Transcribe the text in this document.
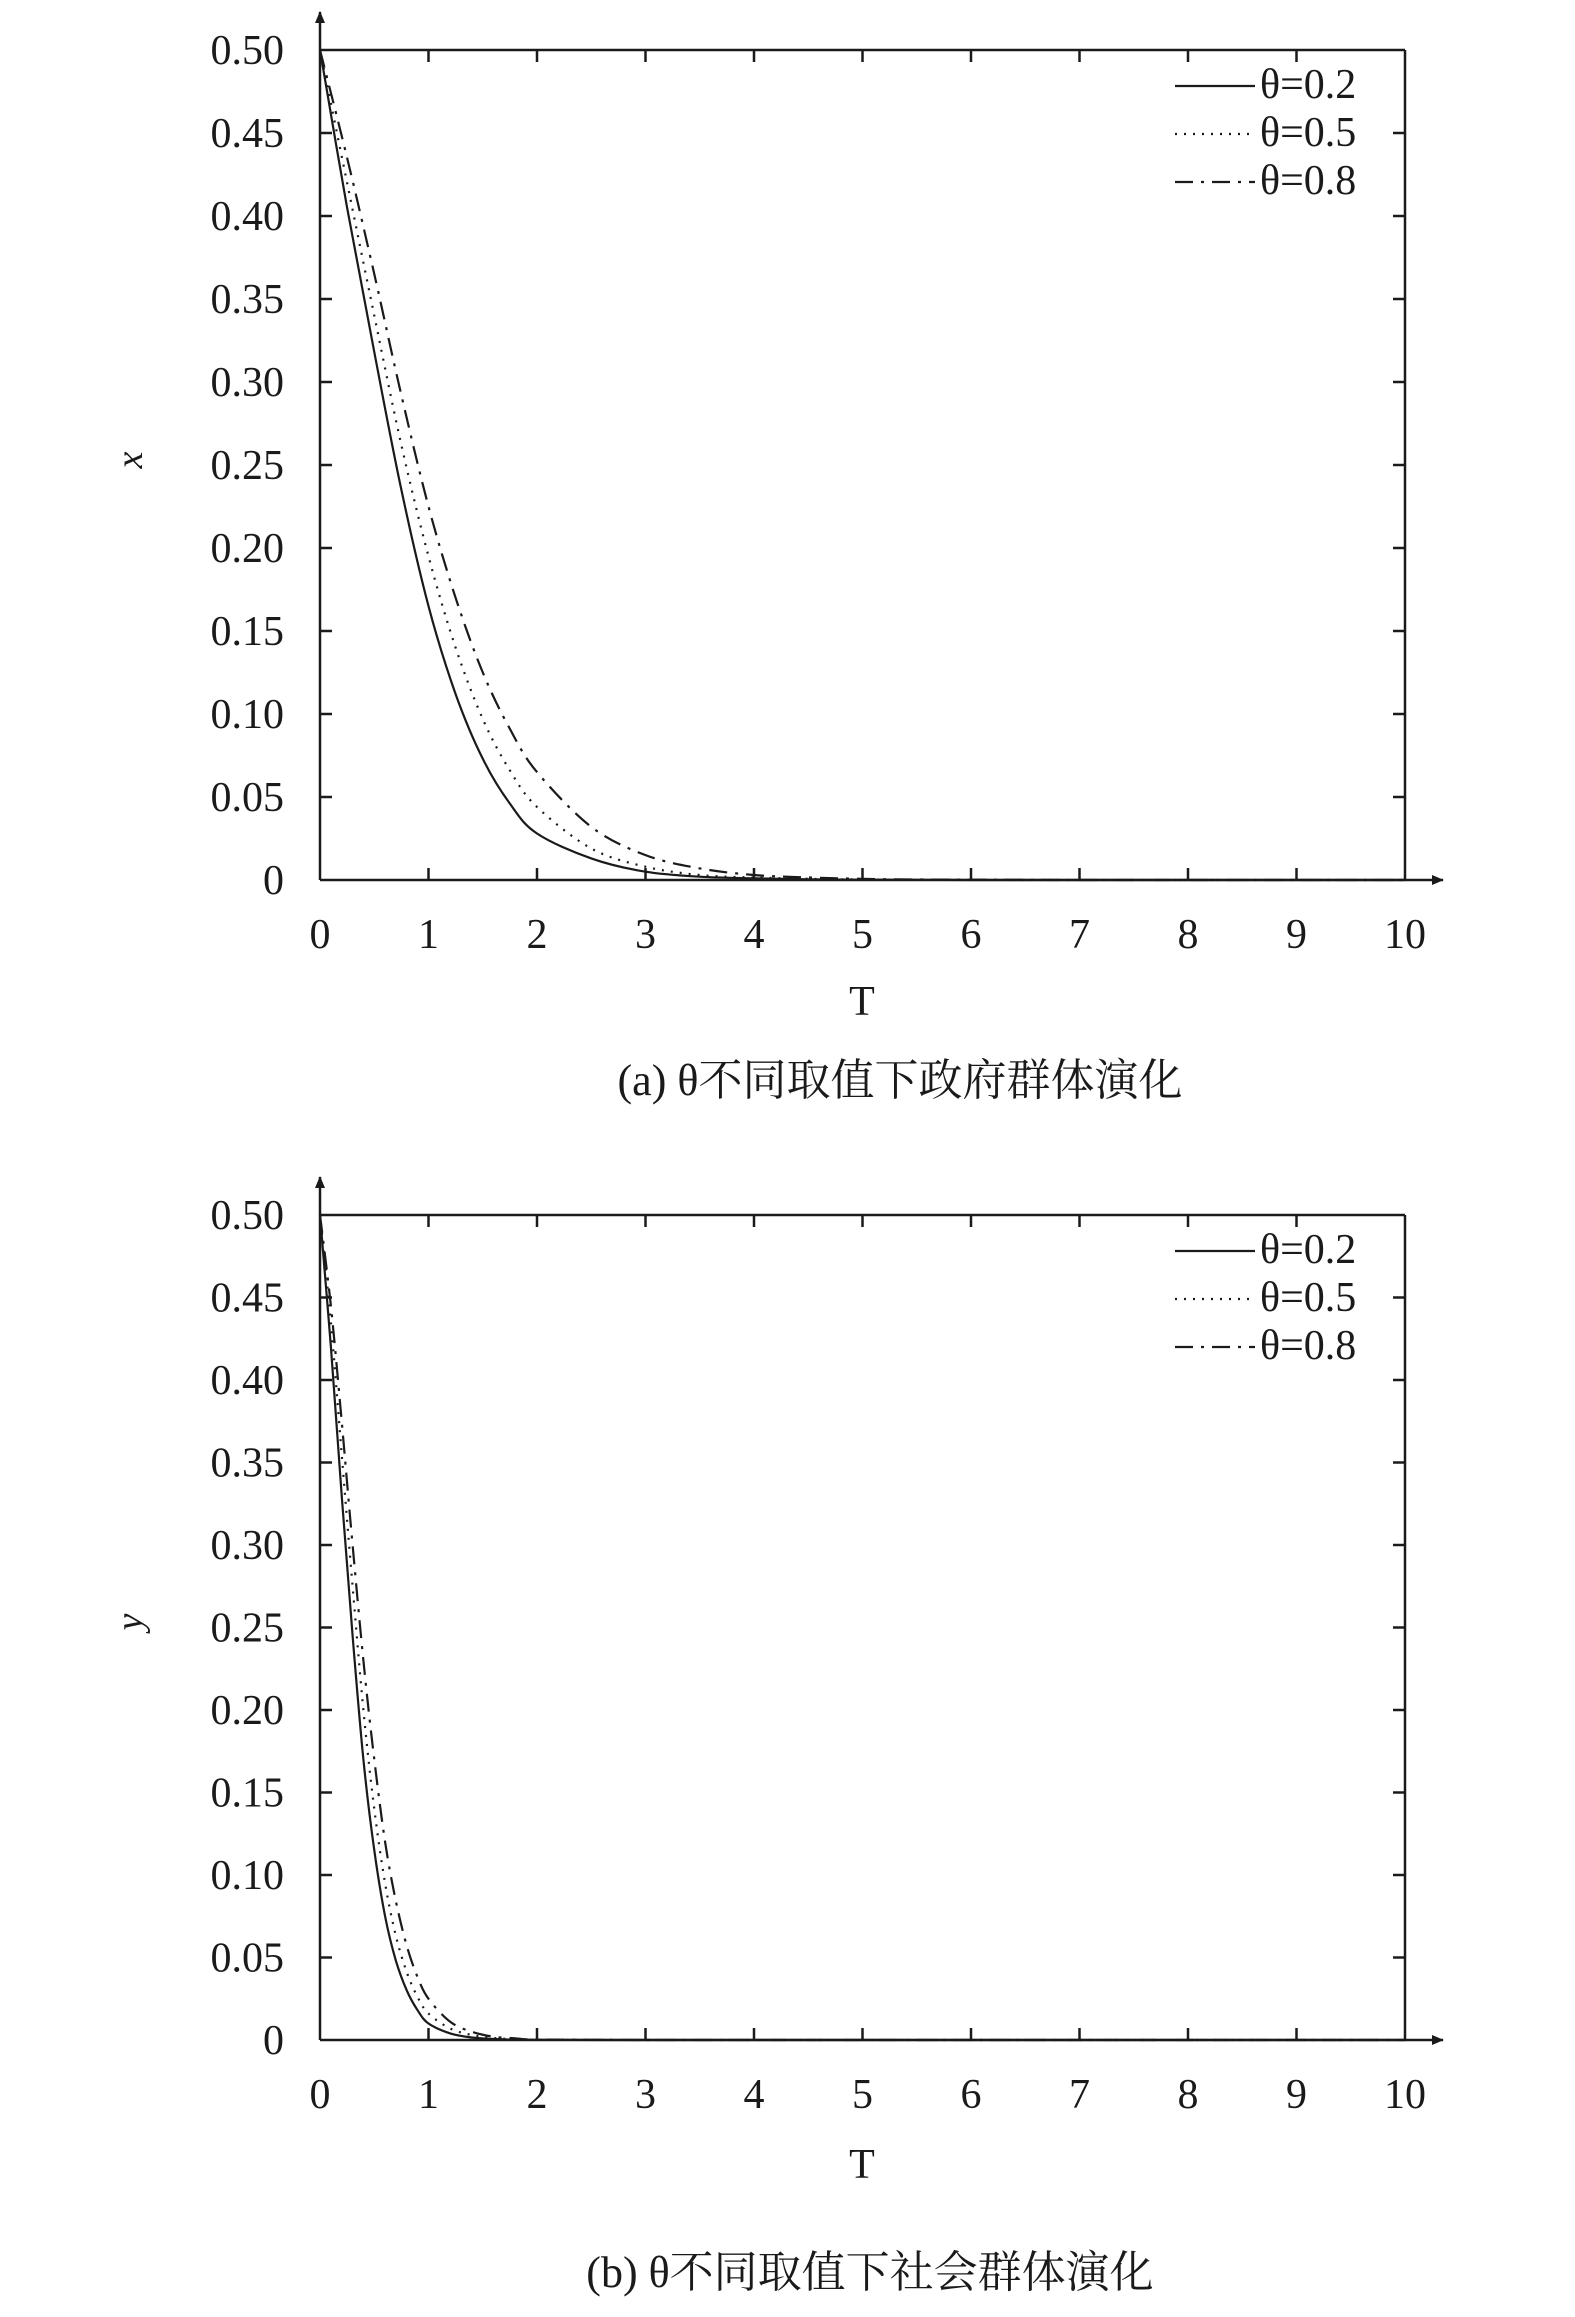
x
T
(a) θ不同取值下政府群体演化
θ=0.2
θ=0.5
θ=0.8
0 1 2 3 4 5 6 7 8 9 10
0
0.05
0.10
0.15
0.20
0.25
0.30
0.35
0.40
0.45
0.50
y
T
(b) θ不同取值下社会群体演化
θ=0.2
θ=0.5
θ=0.8
0 1 2 3 4 5 6 7 8 9 10
0
0.05
0.10
0.15
0.20
0.25
0.30
0.35
0.40
0.45
0.50
